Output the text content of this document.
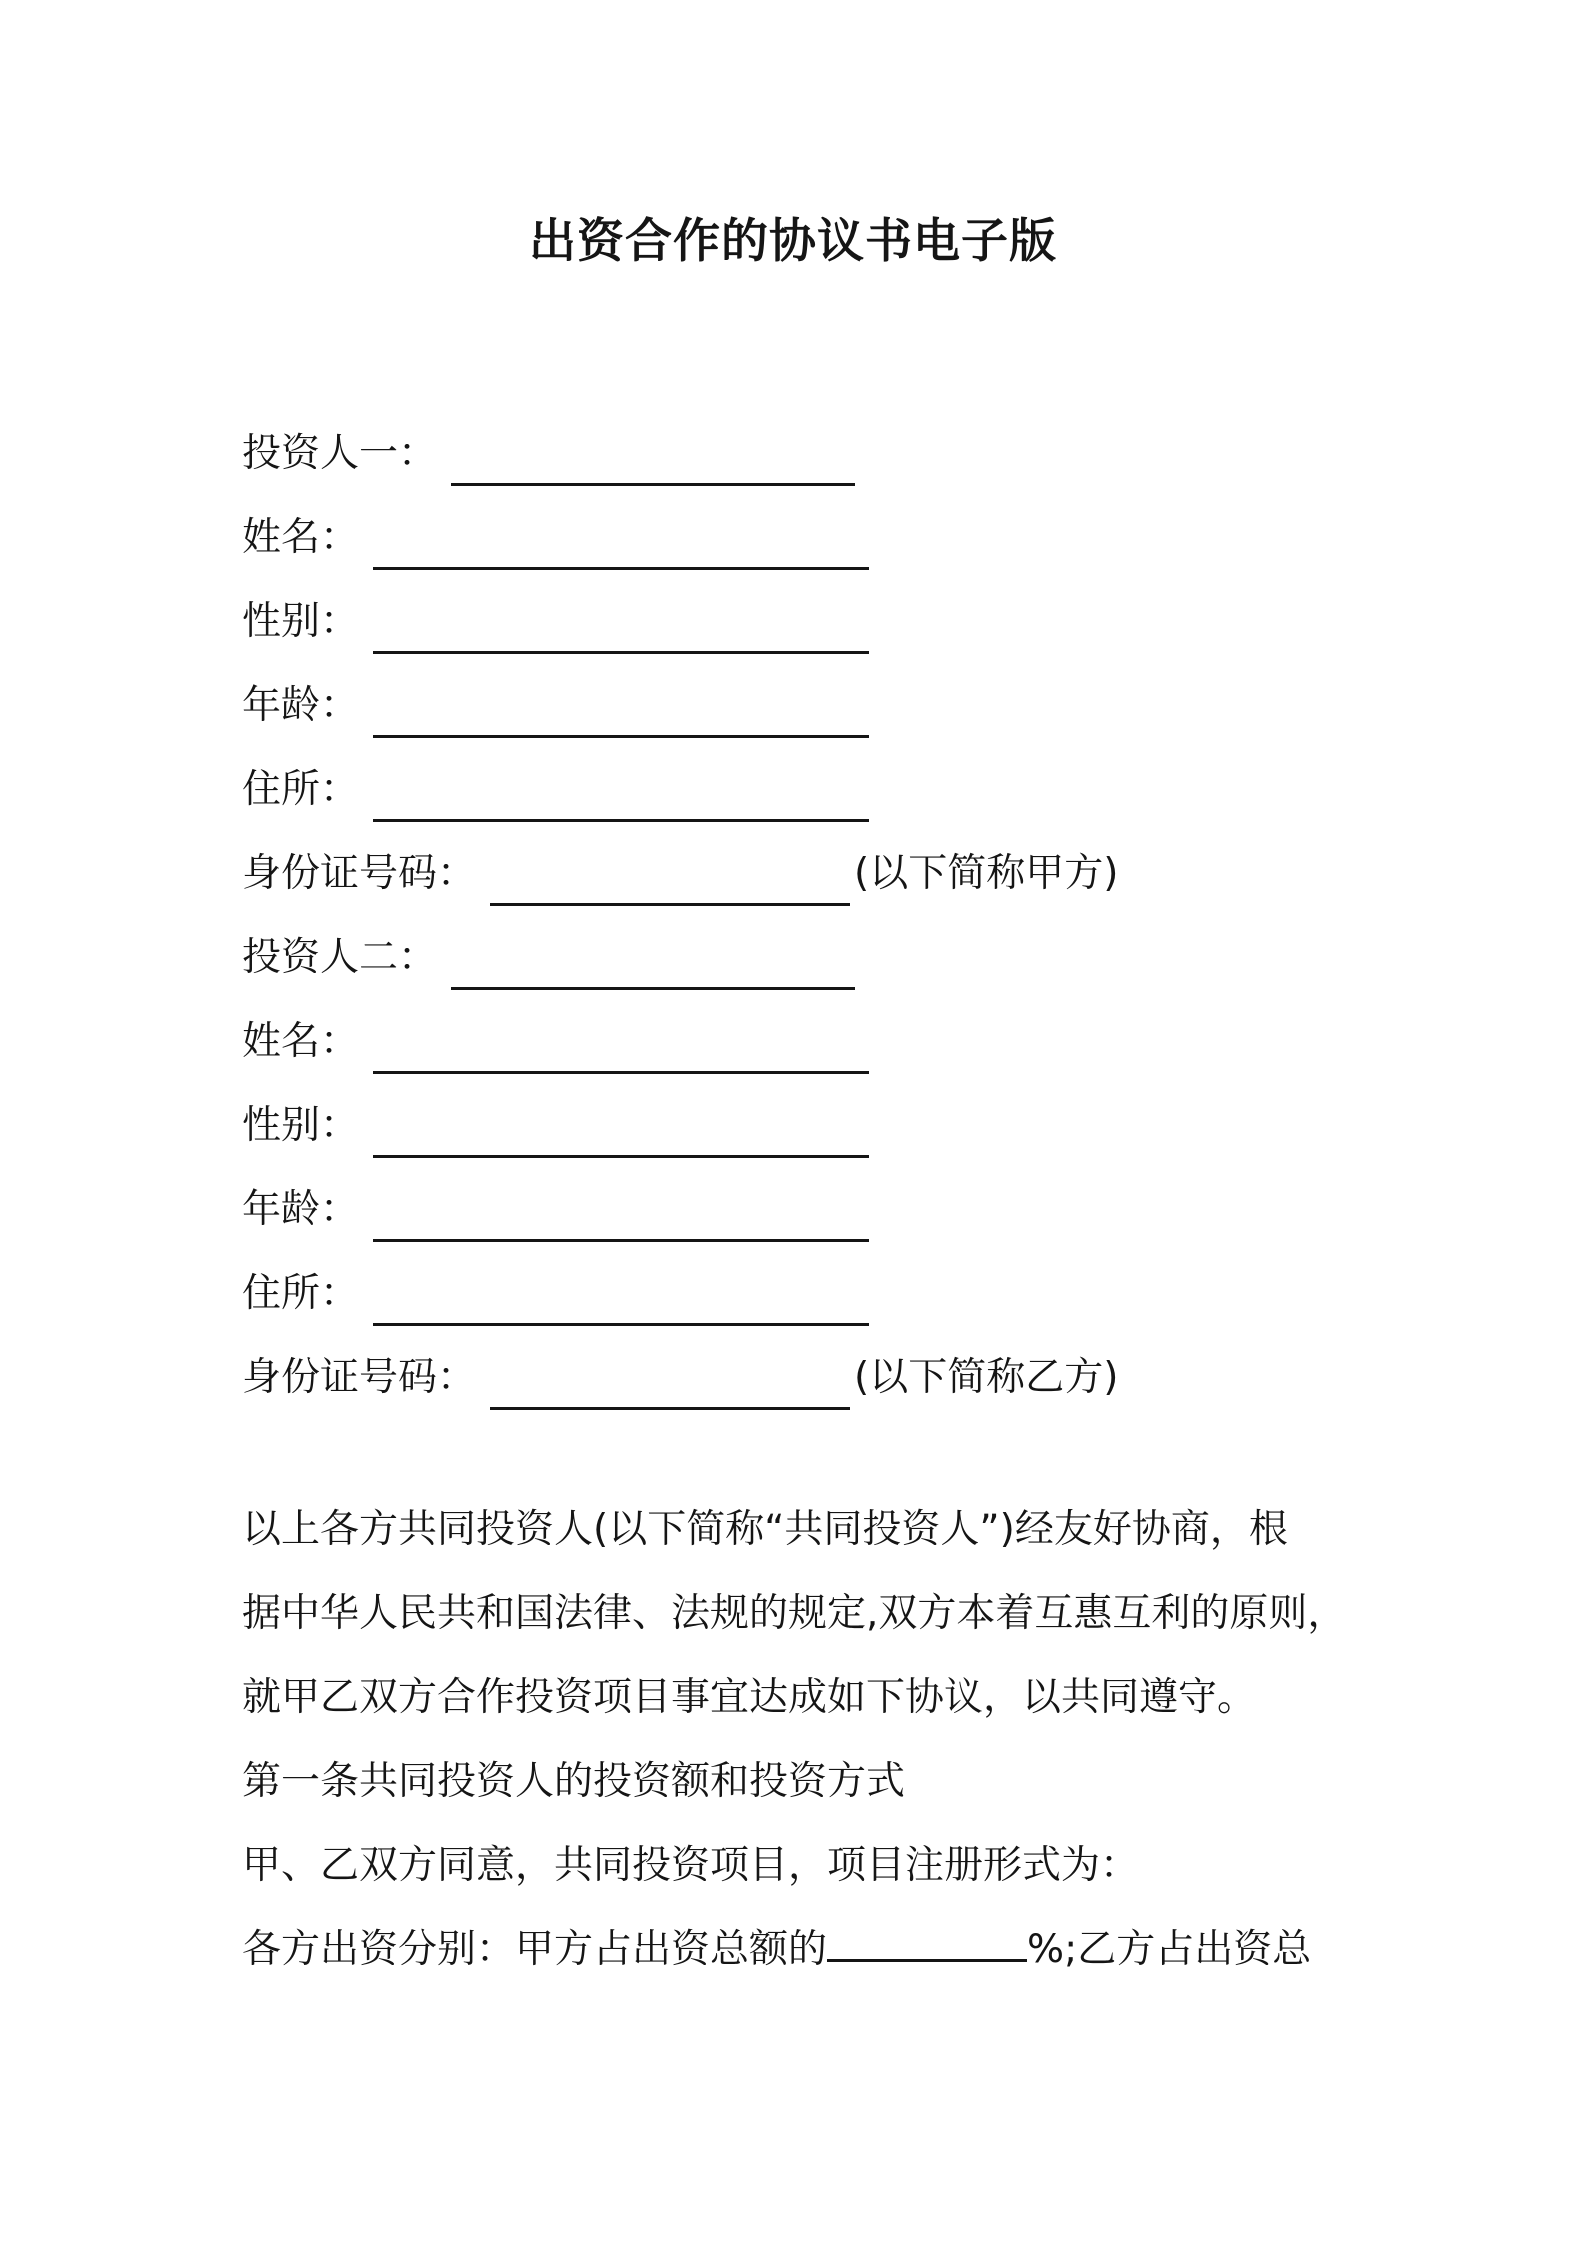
出资合作的协议书电子版
投资人一：
姓名：
性别：
年龄：
住所：
身份证号码：	(以下简称甲方)
投资人二：
姓名：
性别：
年龄：
住所：
身份证号码：	(以下简称乙方)

以上各方共同投资人(以下简称“共同投资人”)经友好协商，根

据中华人民共和国法律、法规的规定,双方本着互惠互利的原则，

就甲乙双方合作投资项目事宜达成如下协议，以共同遵守。

第一条共同投资人的投资额和投资方式

甲、乙双方同意，共同投资项目，项目注册形式为：

各方出资分别：甲方占出资总额的	%;乙方占出资总
